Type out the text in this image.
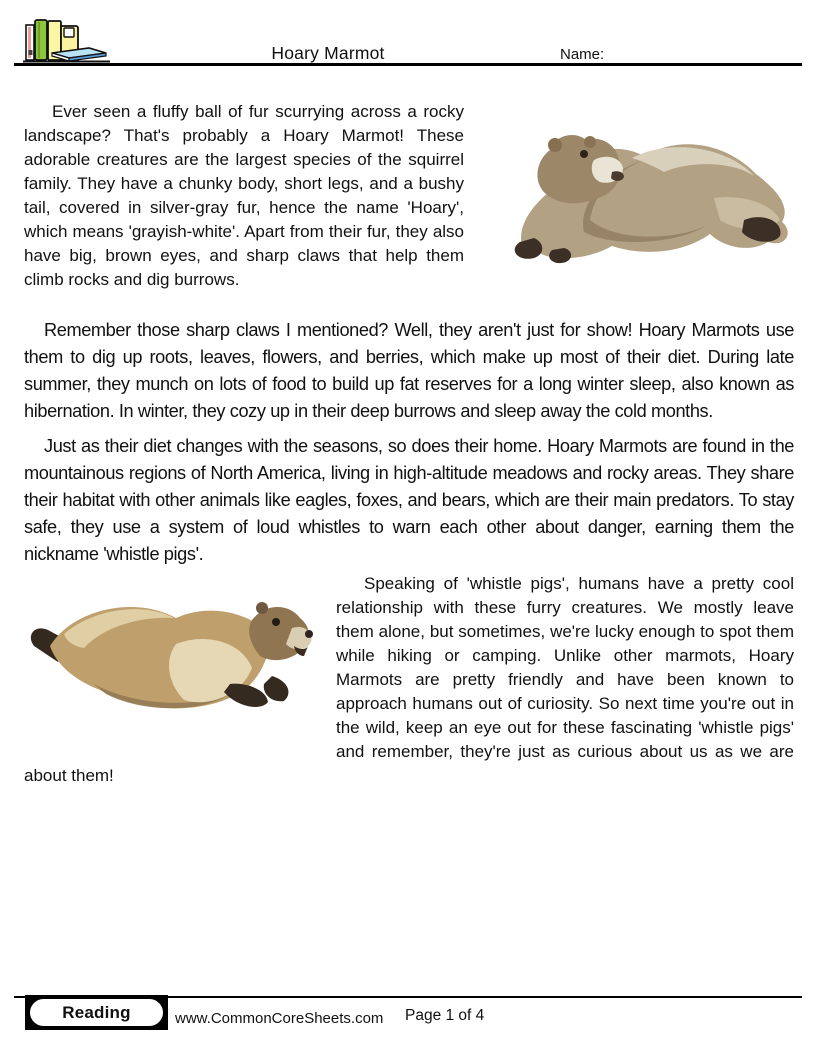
Hoary Marmot	Name:

Ever seen a fluffy ball of fur scurrying across a rocky landscape? That's probably a Hoary Marmot! These adorable creatures are the largest species of the squirrel family. They have a chunky body, short legs, and a bushy tail, covered in silver-gray fur, hence the name 'Hoary', which means 'grayish-white'. Apart from their fur, they also have big, brown eyes, and sharp claws that help them climb rocks and dig burrows.

Remember those sharp claws I mentioned? Well, they aren't just for show! Hoary Marmots use them to dig up roots, leaves, flowers, and berries, which make up most of their diet. During late summer, they munch on lots of food to build up fat reserves for a long winter sleep, also known as hibernation. In winter, they cozy up in their deep burrows and sleep away the cold months.

Just as their diet changes with the seasons, so does their home. Hoary Marmots are found in the mountainous regions of North America, living in high-altitude meadows and rocky areas. They share their habitat with other animals like eagles, foxes, and bears, which are their main predators. To stay safe, they use a system of loud whistles to warn each other about danger, earning them the nickname 'whistle pigs'.

Speaking of 'whistle pigs', humans have a pretty cool relationship with these furry creatures. We mostly leave them alone, but sometimes, we're lucky enough to spot them while hiking or camping. Unlike other marmots, Hoary Marmots are pretty friendly and have been known to approach humans out of curiosity. So next time you're out in the wild, keep an eye out for these fascinating 'whistle pigs' and remember, they're just as curious about us as we are about them!

Reading	www.CommonCoreSheets.com Page 1 of 4
